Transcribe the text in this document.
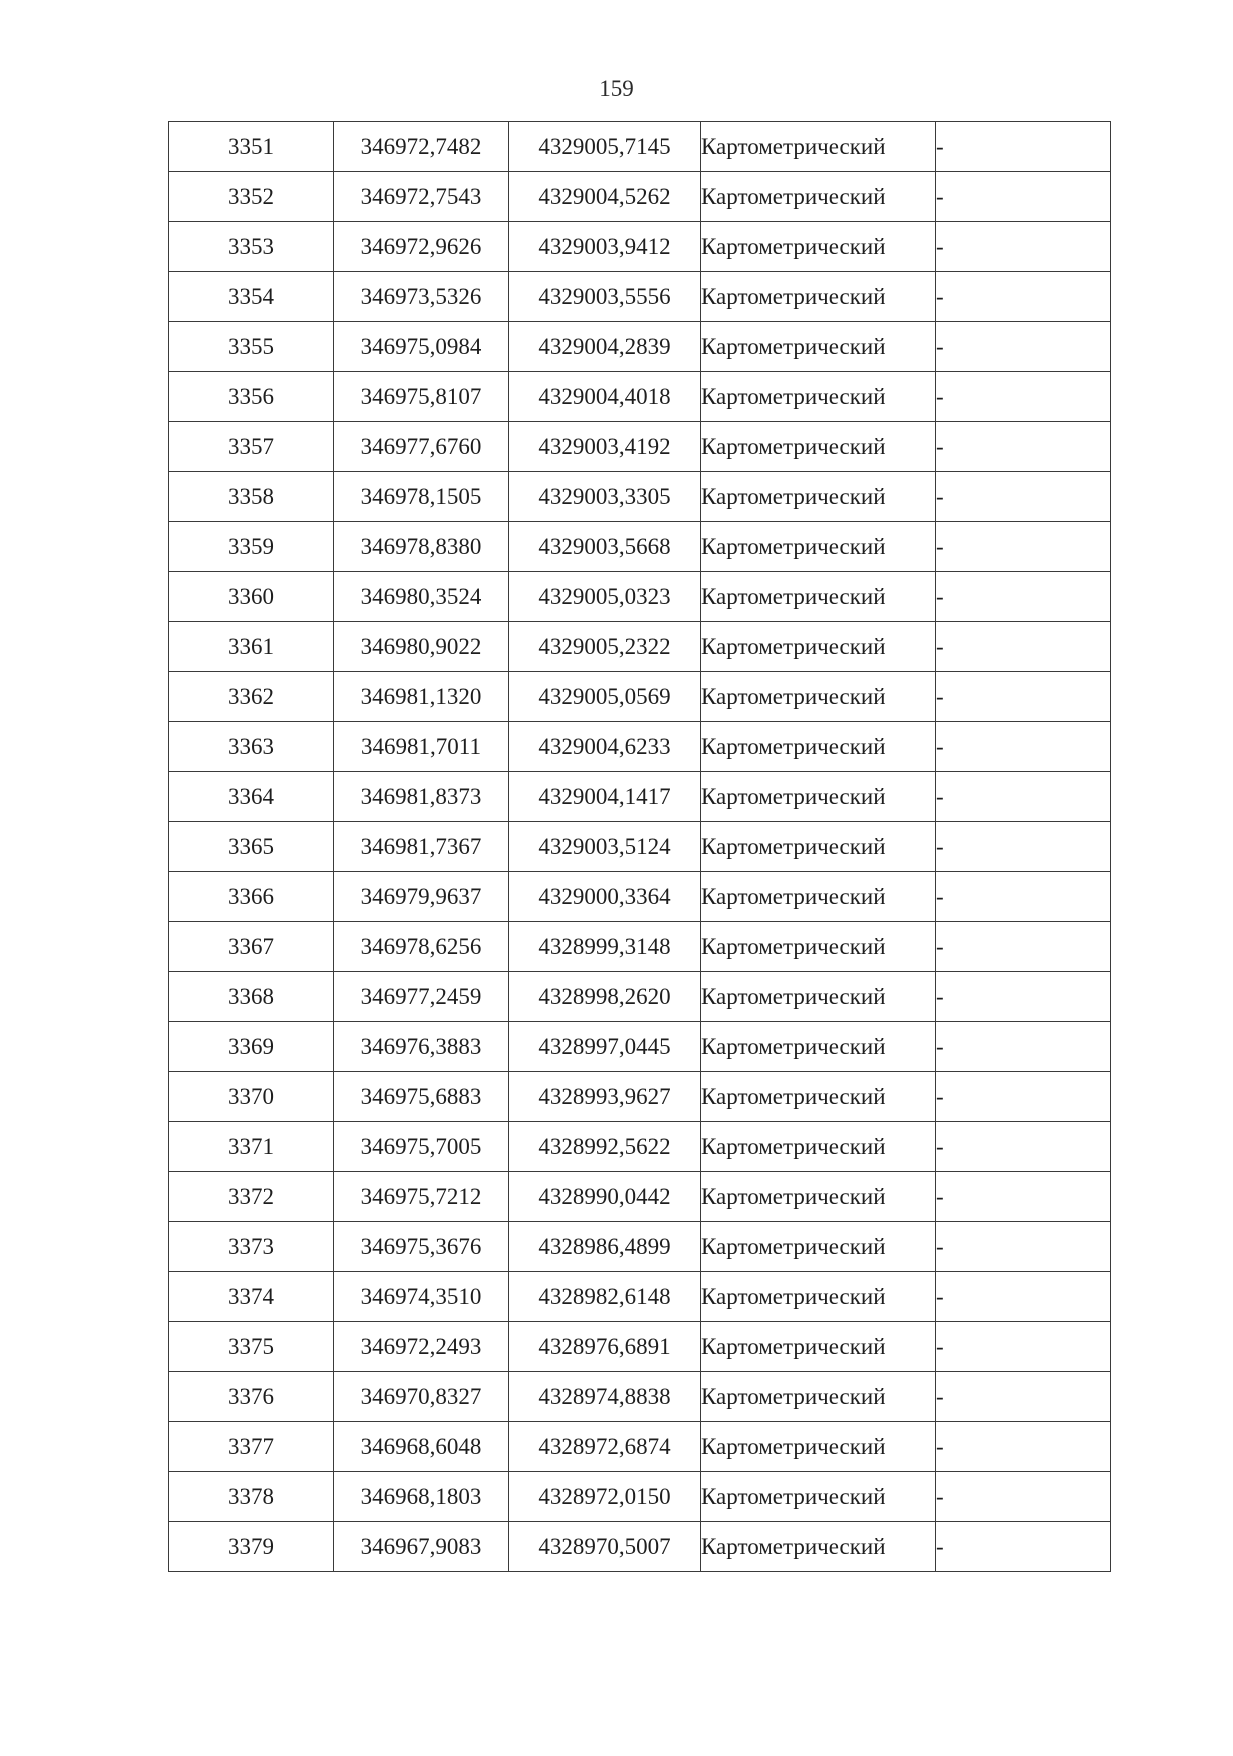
159
3351	346972,7482	4329005,7145	Картометрический	-
3352	346972,7543	4329004,5262	Картометрический	-
3353	346972,9626	4329003,9412	Картометрический	-
3354	346973,5326	4329003,5556	Картометрический	-
3355	346975,0984	4329004,2839	Картометрический	-
3356	346975,8107	4329004,4018	Картометрический	-
3357	346977,6760	4329003,4192	Картометрический	-
3358	346978,1505	4329003,3305	Картометрический	-
3359	346978,8380	4329003,5668	Картометрический	-
3360	346980,3524	4329005,0323	Картометрический	-
3361	346980,9022	4329005,2322	Картометрический	-
3362	346981,1320	4329005,0569	Картометрический	-
3363	346981,7011	4329004,6233	Картометрический	-
3364	346981,8373	4329004,1417	Картометрический	-
3365	346981,7367	4329003,5124	Картометрический	-
3366	346979,9637	4329000,3364	Картометрический	-
3367	346978,6256	4328999,3148	Картометрический	-
3368	346977,2459	4328998,2620	Картометрический	-
3369	346976,3883	4328997,0445	Картометрический	-
3370	346975,6883	4328993,9627	Картометрический	-
3371	346975,7005	4328992,5622	Картометрический	-
3372	346975,7212	4328990,0442	Картометрический	-
3373	346975,3676	4328986,4899	Картометрический	-
3374	346974,3510	4328982,6148	Картометрический	-
3375	346972,2493	4328976,6891	Картометрический	-
3376	346970,8327	4328974,8838	Картометрический	-
3377	346968,6048	4328972,6874	Картометрический	-
3378	346968,1803	4328972,0150	Картометрический	-
3379	346967,9083	4328970,5007	Картометрический	-
